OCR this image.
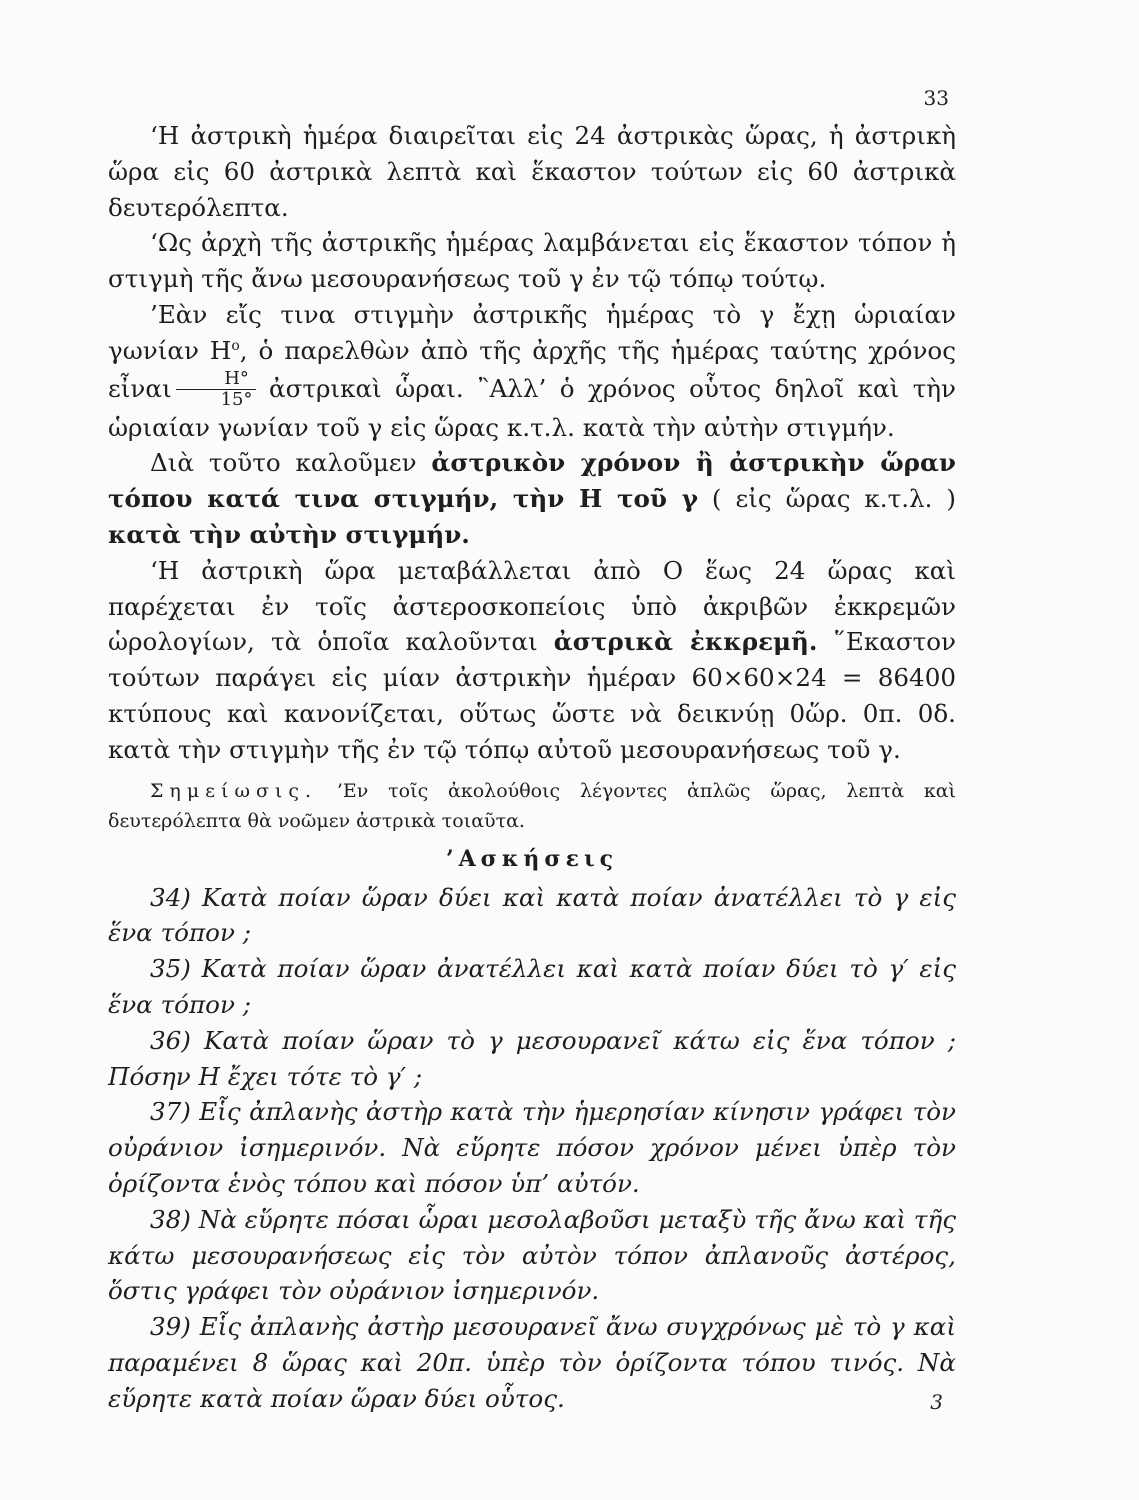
33

‘Η ἀστρικὴ ἡμέρα διαιρεῖται εἰς 24 ἀστρικὰς ὥρας, ἡ ἀστρικὴ ὥρα εἰς 60 ἀστρικὰ λεπτὰ καὶ ἕκαστον τούτων εἰς 60 ἀστρικὰ δευτερόλεπτα.

‘Ως ἀρχὴ τῆς ἀστρικῆς ἡμέρας λαμβάνεται εἰς ἕκαστον τόπον ἡ στιγμὴ τῆς ἄνω μεσουρανήσεως τοῦ γ ἐν τῷ τόπῳ τούτῳ.

’Εὰν εἴς τινα στιγμὴν ἀστρικῆς ἡμέρας τὸ γ ἔχῃ ὡριαίαν γωνίαν $H^o$, ὁ παρελθὼν ἀπὸ τῆς ἀρχῆς τῆς ἡμέρας ταύτης χρόνος εἶναι $\frac{H^\circ}{15^\circ}$ ἀστρικαὶ ὧραι. ῍Αλλ’ ὁ χρόνος οὗτος δηλοῖ καὶ τὴν ὡριαίαν γωνίαν τοῦ γ εἰς ὥρας κ.τ.λ. κατὰ τὴν αὐτὴν στιγμήν.

Διὰ τοῦτο καλοῦμεν ἀστρικὸν χρόνον ἢ ἀστρικὴν ὥραν τόπου κατά τινα στιγμήν, τὴν Η τοῦ γ ( εἰς ὥρας κ.τ.λ. ) κατὰ τὴν αὐτὴν στιγμήν.

‘Η ἀστρικὴ ὥρα μεταβάλλεται ἀπὸ Ο ἕως 24 ὥρας καὶ παρέχεται ἐν τοῖς ἀστεροσκοπείοις ὑπὸ ἀκριβῶν ἐκκρεμῶν ὡρολογίων, τὰ ὁποῖα καλοῦνται ἀστρικὰ ἐκκρεμῆ. ῞Εκαστον τούτων παράγει εἰς μίαν ἀστρικὴν ἡμέραν 60×60×24 = 86400 κτύπους καὶ κανονίζεται, οὕτως ὥστε νὰ δεικνύῃ 0ὥρ. 0π. 0δ. κατὰ τὴν στιγμὴν τῆς ἐν τῷ τόπῳ αὐτοῦ μεσουρανήσεως τοῦ γ.

Σημείωσις. ’Εν τοῖς ἀκολούθοις λέγοντες ἁπλῶς ὥρας, λεπτὰ καὶ δευτερόλεπτα θὰ νοῶμεν ἀστρικὰ τοιαῦτα.

’Ασκήσεις

34) Κατὰ ποίαν ὥραν δύει καὶ κατὰ ποίαν ἀνατέλλει τὸ γ εἰς ἕνα τόπον ;

35) Κατὰ ποίαν ὥραν ἀνατέλλει καὶ κατὰ ποίαν δύει τὸ γ′ εἰς ἕνα τόπον ;

36) Κατὰ ποίαν ὥραν τὸ γ μεσουρανεῖ κάτω εἰς ἕνα τόπον ; Πόσην Η ἔχει τότε τὸ γ′ ;

37) Εἷς ἀπλανὴς ἀστὴρ κατὰ τὴν ἡμερησίαν κίνησιν γράφει τὸν οὐράνιον ἰσημερινόν. Νὰ εὕρητε πόσον χρόνον μένει ὑπὲρ τὸν ὁρίζοντα ἑνὸς τόπου καὶ πόσον ὑπ’ αὐτόν.

38) Νὰ εὕρητε πόσαι ὧραι μεσολαβοῦσι μεταξὺ τῆς ἄνω καὶ τῆς κάτω μεσουρανήσεως εἰς τὸν αὐτὸν τόπον ἀπλανοῦς ἀστέρος, ὅστις γράφει τὸν οὐράνιον ἰσημερινόν.

39) Εἷς ἀπλανὴς ἀστὴρ μεσουρανεῖ ἄνω συγχρόνως μὲ τὸ γ καὶ παραμένει 8 ὥρας καὶ 20π. ὑπὲρ τὸν ὁρίζοντα τόπου τινός. Νὰ εὕρητε κατὰ ποίαν ὥραν δύει οὗτος.	3
